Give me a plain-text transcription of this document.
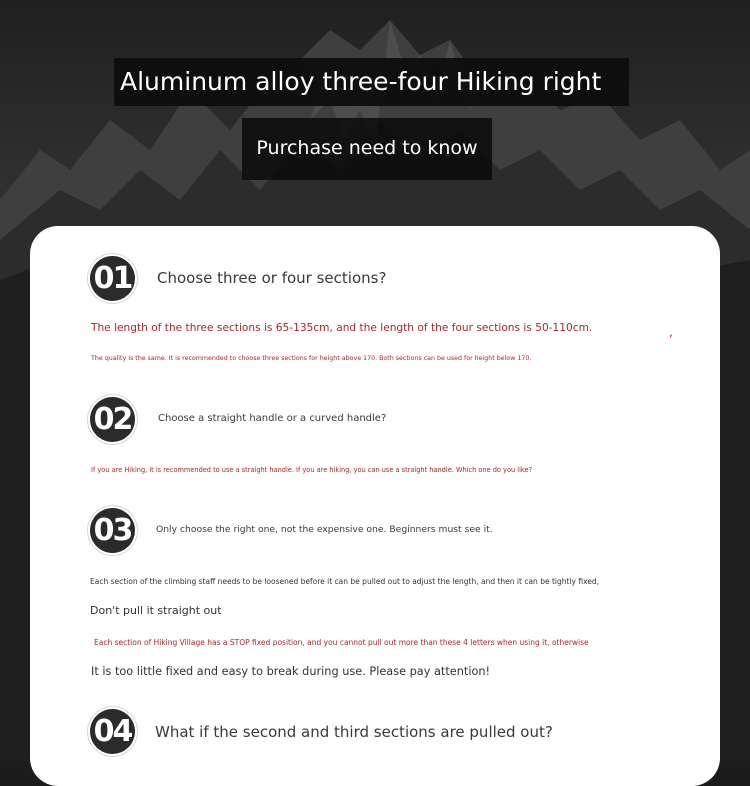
Aluminum alloy three-four Hiking right
Purchase need to know
01 Choose three or four sections?
The length of the three sections is 65-135cm, and the length of the four sections is 50-110cm.	,
The quality is the same. It is recommended to choose three sections for height above 170. Both sections can be used for height below 170.
02	Choose a straight handle or a curved handle?
If you are Hiking, it is recommended to use a straight handle. If you are hiking, you can use a straight handle. Which one do you like?
03	Only choose the right one, not the expensive one. Beginners must see it.
Each section of the climbing staff needs to be loosened before it can be pulled out to adjust the length, and then it can be tightly fixed,
Don't pull it straight out
Each section of Hiking Village has a STOP fixed position, and you cannot pull out more than these 4 letters when using it, otherwise
It is too little fixed and easy to break during use. Please pay attention!
04 What if the second and third sections are pulled out?
